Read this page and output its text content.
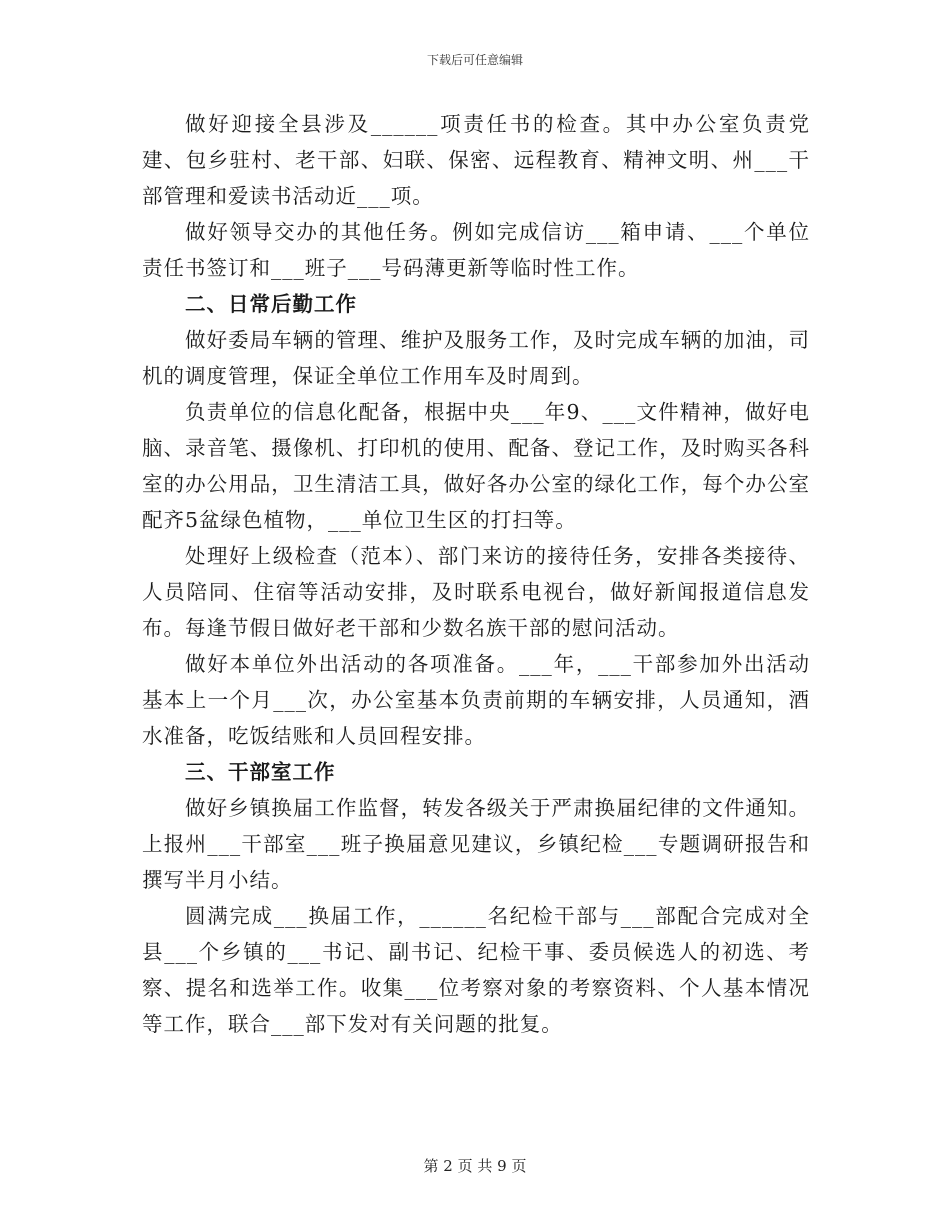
下载后可任意编辑

做好迎接全县涉及______项责任书的检查。其中办公室负责党建、包乡驻村、老干部、妇联、保密、远程教育、精神文明、州___干部管理和爱读书活动近___项。

做好领导交办的其他任务。例如完成信访___箱申请、___个单位责任书签订和___班子___号码薄更新等临时性工作。

二、日常后勤工作

做好委局车辆的管理、维护及服务工作，及时完成车辆的加油，司机的调度管理，保证全单位工作用车及时周到。

负责单位的信息化配备，根据中央___年9、___文件精神，做好电脑、录音笔、摄像机、打印机的使用、配备、登记工作，及时购买各科室的办公用品，卫生清洁工具，做好各办公室的绿化工作，每个办公室配齐5盆绿色植物，___单位卫生区的打扫等。

处理好上级检查（范本）、部门来访的接待任务，安排各类接待、人员陪同、住宿等活动安排，及时联系电视台，做好新闻报道信息发布。每逢节假日做好老干部和少数名族干部的慰问活动。

做好本单位外出活动的各项准备。___年，___干部参加外出活动基本上一个月___次，办公室基本负责前期的车辆安排，人员通知，酒水准备，吃饭结账和人员回程安排。

三、干部室工作

做好乡镇换届工作监督，转发各级关于严肃换届纪律的文件通知。上报州___干部室___班子换届意见建议，乡镇纪检___专题调研报告和撰写半月小结。

圆满完成___换届工作，______名纪检干部与___部配合完成对全县___个乡镇的___书记、副书记、纪检干事、委员候选人的初选、考察、提名和选举工作。收集___位考察对象的考察资料、个人基本情况等工作，联合___部下发对有关问题的批复。

第 2 页 共 9 页
